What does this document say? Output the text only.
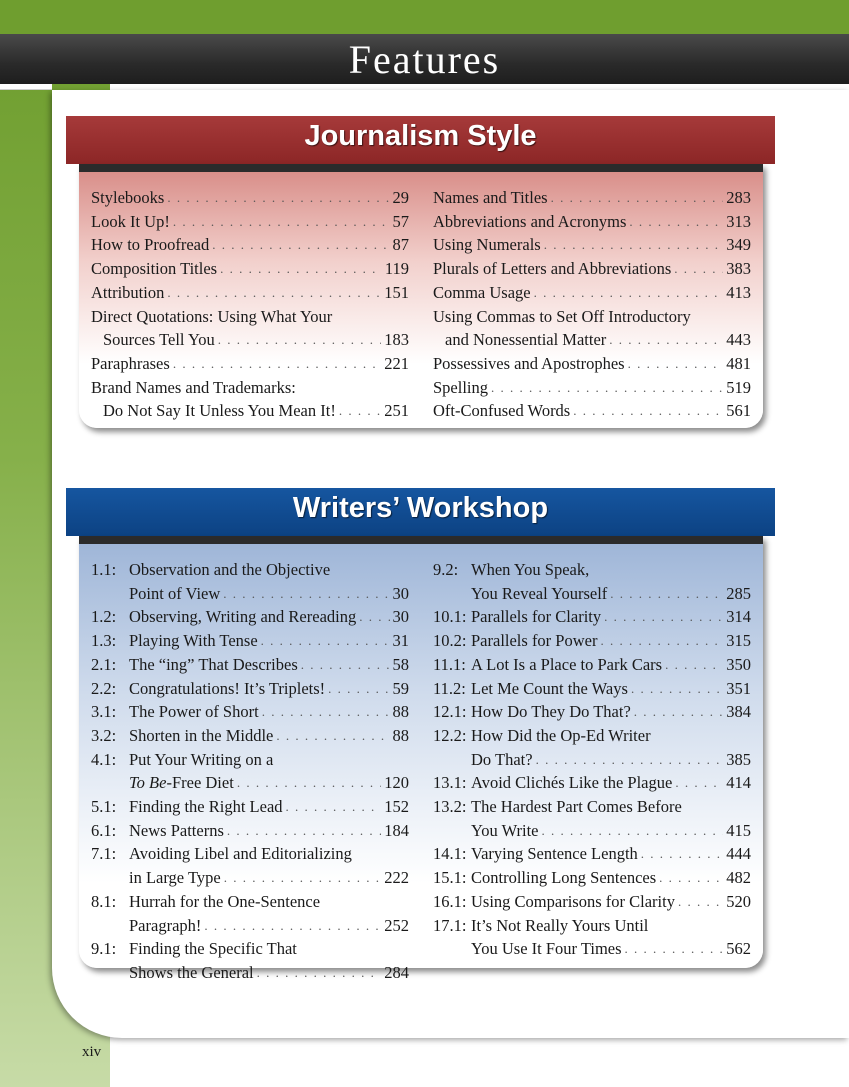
Features
Journalism Style
Stylebooks . . .	29
Look It Up! . . .	57
How to Proofread . . .	87
Composition Titles . . .	119
Attribution . . .	151
Direct Quotations: Using What Your
Sources Tell You . . .	183
Paraphrases . . .	221
Brand Names and Trademarks:
Do Not Say It Unless You Mean It! . . .	251
Names and Titles . . .	283
Abbreviations and Acronyms . . .	313
Using Numerals . . .	349
Plurals of Letters and Abbreviations . . .	383
Comma Usage . . .	413
Using Commas to Set Off Introductory
and Nonessential Matter . . .	443
Possessives and Apostrophes . . .	481
Spelling . . .	519
Oft-Confused Words . . .	561
Writers’ Workshop
1.1: Observation and the Objective
Point of View . . .	30
1.2: Observing, Writing and Rereading . . . 30
1.3: Playing With Tense . . .	31
2.1: The “ing” That Describes . . .	58
2.2: Congratulations! It’s Triplets! . . .	59
3.1: The Power of Short . . .	88
3.2: Shorten in the Middle . . .	88
4.1: Put Your Writing on a
To Be-Free Diet . . .	120
5.1: Finding the Right Lead . . .	152
6.1: News Patterns . . .	184
7.1: Avoiding Libel and Editorializing
in Large Type . . .	222
8.1: Hurrah for the One-Sentence
Paragraph! . . .	252
9.1: Finding the Specific That
Shows the General . . .	284
9.2: When You Speak,
You Reveal Yourself . . .	285
10.1: Parallels for Clarity . . .	314
10.2: Parallels for Power . . .	315
11.1: A Lot Is a Place to Park Cars . . .	350
11.2: Let Me Count the Ways . . .	351
12.1: How Do They Do That? . . .	384
12.2: How Did the Op-Ed Writer
Do That? . . .	385
13.1: Avoid Clichés Like the Plague . . .	414
13.2: The Hardest Part Comes Before
You Write . . .	415
14.1: Varying Sentence Length . . .	444
15.1: Controlling Long Sentences . . .	482
16.1: Using Comparisons for Clarity . . .	520
17.1: It’s Not Really Yours Until
You Use It Four Times . . .	562
xiv
